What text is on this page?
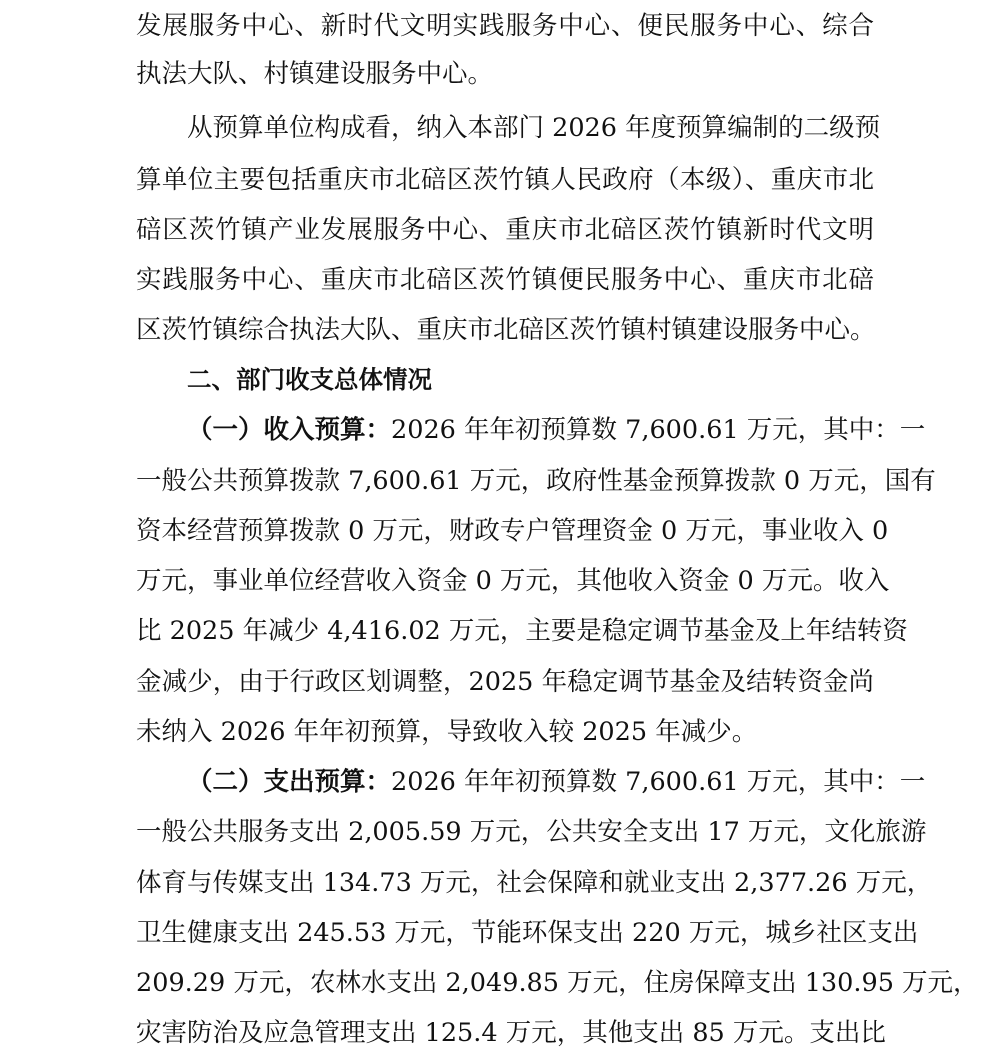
发展服务中心、新时代文明实践服务中心、便民服务中心、综合
执法大队、村镇建设服务中心。
从预算单位构成看，纳入本部门 2026 年度预算编制的二级预
算单位主要包括重庆市北碚区茨竹镇人民政府（本级）、重庆市北
碚区茨竹镇产业发展服务中心、重庆市北碚区茨竹镇新时代文明
实践服务中心、重庆市北碚区茨竹镇便民服务中心、重庆市北碚
区茨竹镇综合执法大队、重庆市北碚区茨竹镇村镇建设服务中心。
二、部门收支总体情况
（一）收入预算：2026 年年初预算数 7,600.61 万元，其中：一
一般公共预算拨款 7,600.61 万元，政府性基金预算拨款 0 万元，国有
资本经营预算拨款 0 万元，财政专户管理资金 0 万元，事业收入 0
万元，事业单位经营收入资金 0 万元，其他收入资金 0 万元。收入
比 2025 年减少 4,416.02 万元，主要是稳定调节基金及上年结转资
金减少，由于行政区划调整，2025 年稳定调节基金及结转资金尚
未纳入 2026 年年初预算，导致收入较 2025 年减少。
（二）支出预算：2026 年年初预算数 7,600.61 万元，其中：一
一般公共服务支出 2,005.59 万元，公共安全支出 17 万元，文化旅游
体育与传媒支出 134.73 万元，社会保障和就业支出 2,377.26 万元，
卫生健康支出 245.53 万元，节能环保支出 220 万元，城乡社区支出
209.29 万元，农林水支出 2,049.85 万元，住房保障支出 130.95 万元，
灾害防治及应急管理支出 125.4 万元，其他支出 85 万元。支出比
